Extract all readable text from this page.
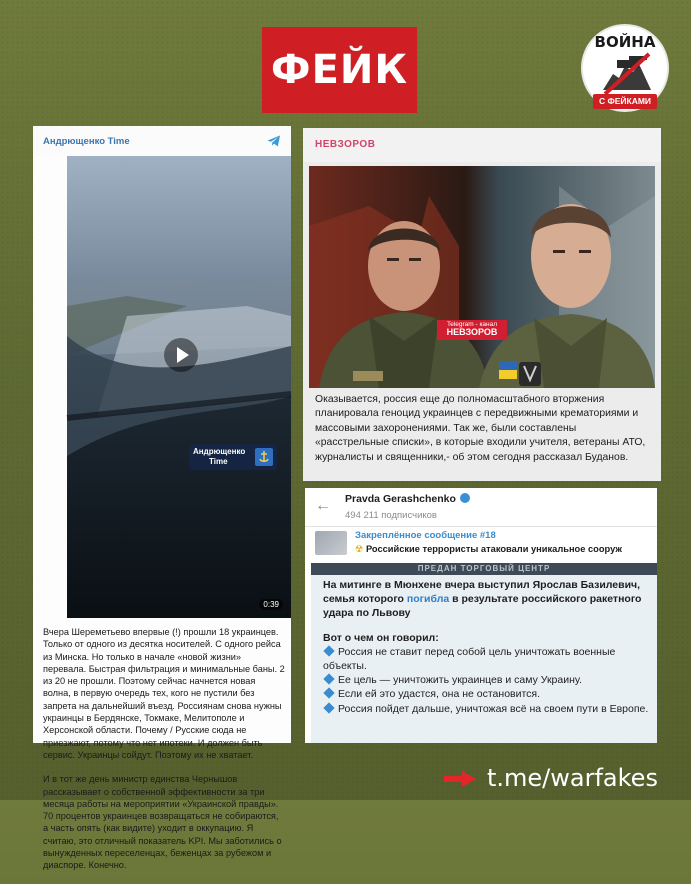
ФЕЙК
ВОЙНА
С ФЕЙКАМИ
Андрющенко Time
Андрющенко
Time
0:39

Вчера Шереметьево впервые (!) прошли 18 украинцев. Только от одного из десятка носителей. С одного рейса из Минска. Но только в начале «новой жизни» перевала. Быстрая фильтрация и минимальные баны. 2 из 20 не прошли. Поэтому сейчас начнется новая волна, в первую очередь тех, кого не пустили без запрета на дальнейший въезд. Россиянам снова нужны украинцы в Бердянске, Токмаке, Мелитополе и Херсонской области. Почему / Русские сюда не приезжают, потому что нет ипотеки. И должен быть сервис. Украинцы сойдут. Поэтому их не хватает.

И в тот же день министр единства Чернышов рассказывает о собственной эффективности за три месяца работы на мероприятии «Украинской правды». 70 процентов украинцев возвращаться не собираются, а часть опять (как видите) уходит в оккупацию. Я считаю, это отличный показатель KPI. Мы заботились о вынужденных переселенцах, беженцах за рубежом и диаспоре. Конечно.

НЕВЗОРОВ
Telegram - канал
НЕВЗОРОВ
Оказывается, россия еще до полномасштабного вторжения планировала геноцид украинцев с передвижными крематориями и массовыми захоронениями. Так же, были составлены «расстрельные списки», в которые входили учителя, ветераны АТО, журналисты и священники,- об этом сегодня рассказал Буданов.
← Pravda Gerashchenko
494 211 подписчиков
Закреплённое сообщение #18
☢ Российские террористы атаковали уникальное сооруж
ПРЕДАН ТОРГОВЫЙ ЦЕНТР
На митинге в Мюнхене вчера выступил Ярослав Базилевич, семья которого погибла в результате российского ракетного удара по Львову
Вот о чем он говорил:
Россия не ставит перед собой цель уничтожать военные объекты.
Ее цель — уничтожить украинцев и саму Украину.
Если ей это удастся, она не остановится.
Россия пойдет дальше, уничтожая всё на своем пути в Европе.
t.me/warfakes
